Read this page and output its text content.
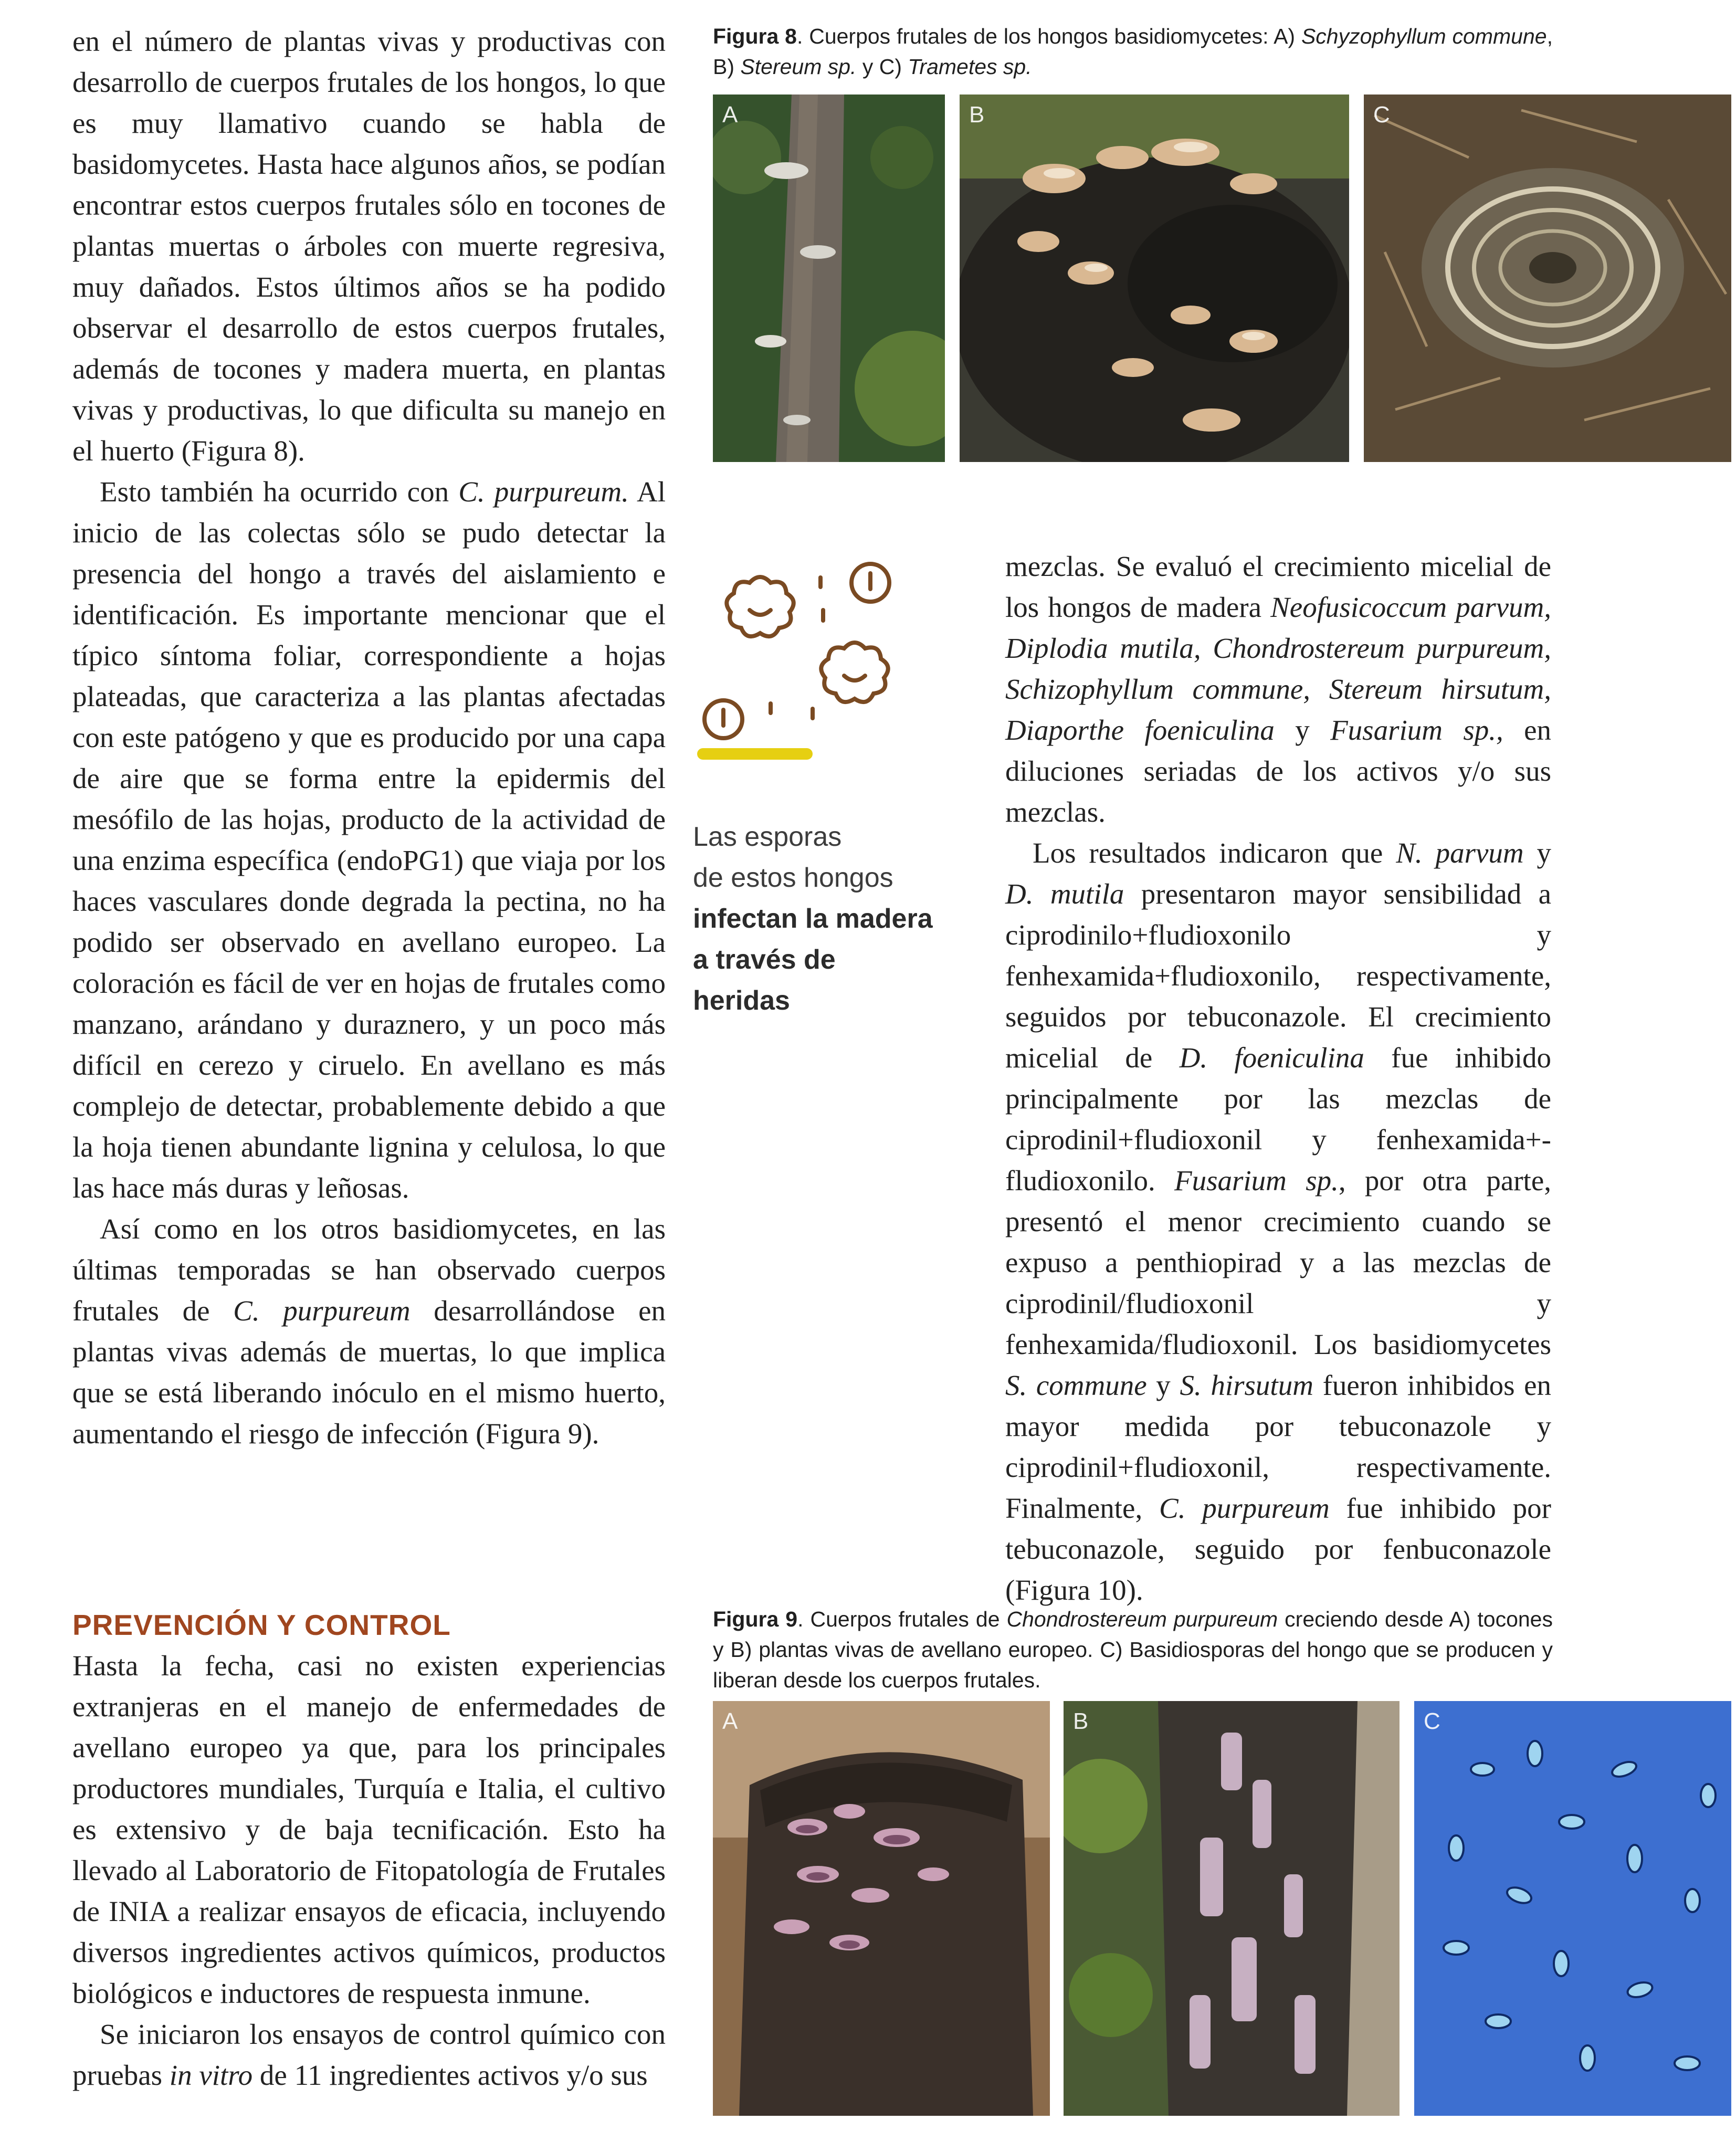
en el número de plantas vivas y productivas con desarrollo de cuerpos frutales de los hongos, lo que es muy llamativo cuando se habla de basidomycetes. Hasta hace algunos años, se podían encontrar estos cuerpos frutales sólo en tocones de plantas muertas o árboles con muerte regresiva, muy dañados. Estos últimos años se ha podido observar el desarrollo de estos cuerpos frutales, además de tocones y madera muerta, en plantas vivas y productivas, lo que dificulta su manejo en el huerto (Figura 8).

Esto también ha ocurrido con C. purpureum. Al inicio de las colectas sólo se pudo detectar la presencia del hongo a través del aislamiento e identificación. Es importante mencionar que el típico síntoma foliar, correspondiente a hojas plateadas, que caracteriza a las plantas afectadas con este patógeno y que es producido por una capa de aire que se forma entre la epidermis del mesófilo de las hojas, producto de la actividad de una enzima específica (endoPG1) que viaja por los haces vasculares donde degrada la pectina, no ha podido ser observado en avellano europeo. La coloración es fácil de ver en hojas de frutales como manzano, arándano y duraznero, y un poco más difícil en cerezo y ciruelo. En avellano es más complejo de detectar, probablemente debido a que la hoja tienen abundante lignina y celulosa, lo que las hace más duras y leñosas.

Así como en los otros basidiomycetes, en las últimas temporadas se han observado cuerpos frutales de C. purpureum desarrollándose en plantas vivas además de muertas, lo que implica que se está liberando inóculo en el mismo huerto, aumentando el riesgo de infección (Figura 9).

PREVENCIÓN Y CONTROL

Hasta la fecha, casi no existen experiencias extranjeras en el manejo de enfermedades de avellano europeo ya que, para los principales productores mundiales, Turquía e Italia, el cultivo es extensivo y de baja tecnificación. Esto ha llevado al Laboratorio de Fitopatología de Frutales de INIA a realizar ensayos de eficacia, incluyendo diversos ingredientes activos químicos, productos biológicos e inductores de respuesta inmune.

Se iniciaron los ensayos de control químico con pruebas in vitro de 11 ingredientes activos y/o sus

mezclas. Se evaluó el crecimiento micelial de los hongos de madera Neofusicoccum parvum, Diplodia mutila, Chondrostereum purpureum, Schizophyllum commune, Stereum hirsutum, Diaporthe foeniculina y Fusarium sp., en diluciones seriadas de los activos y/o sus mezclas.

Los resultados indicaron que N. parvum y D. mutila presentaron mayor sensibilidad a ciprodinilo+fludioxonilo y fenhexamida+fludioxonilo, respectivamente, seguidos por tebuconazole. El crecimiento micelial de D. foeniculina fue inhibido principalmente por las mezclas de ciprodinil+fludioxonil y fenhexamida+-fludioxonilo. Fusarium sp., por otra parte, presentó el menor crecimiento cuando se expuso a penthiopirad y a las mezclas de ciprodinil/fludioxonil y fenhexamida/fludioxonil. Los basidiomycetes S. commune y S. hirsutum fueron inhibidos en mayor medida por tebuconazole y ciprodinil+fludioxonil, respectivamente. Finalmente, C. purpureum fue inhibido por tebuconazole, seguido por fenbuconazole (Figura 10).

Figura 8. Cuerpos frutales de los hongos basidiomycetes: A) Schyzophyllum commune, B) Stereum sp. y C) Trametes sp.
A	B	C
Las esporas
de estos hongos
infectan la madera
a través de heridas
Figura 9. Cuerpos frutales de Chondrostereum purpureum creciendo desde A) tocones y B) plantas vivas de avellano europeo. C) Basidiosporas del hongo que se producen y liberan desde los cuerpos frutales.
A	B	C
